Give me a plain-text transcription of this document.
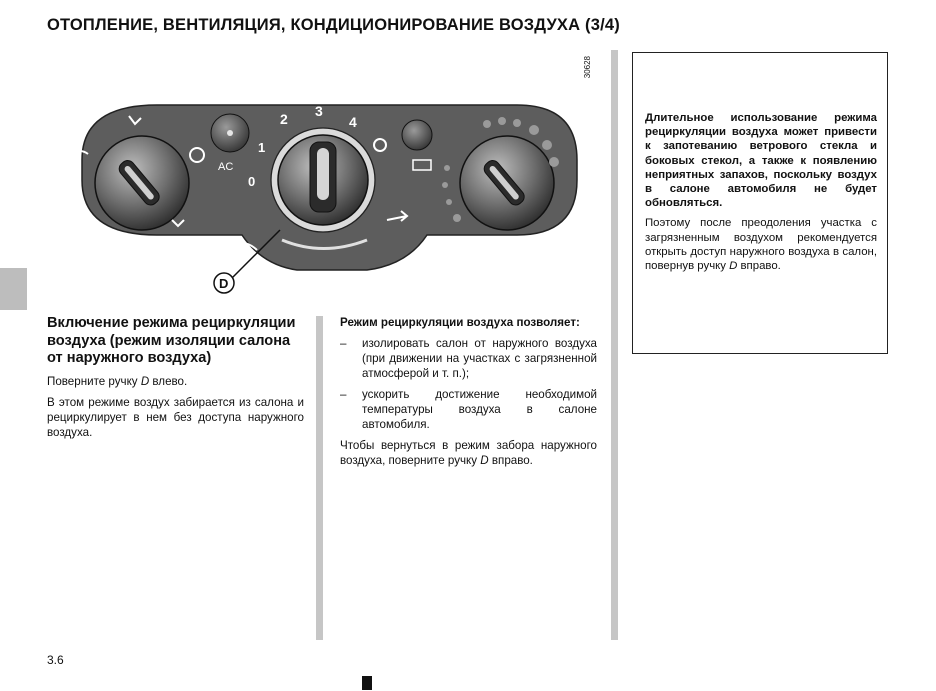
ОТОПЛЕНИЕ, ВЕНТИЛЯЦИЯ, КОНДИЦИОНИРОВАНИЕ ВОЗДУХА (3/4)
AC
0
1
2 3
4
D
30628
Включение режима рециркуляции воздуха (режим изоляции салона от наружного воздуха)

Поверните ручку D влево.

В этом режиме воздух забирается из салона и рециркулирует в нем без доступа наружного воздуха.

Режим рециркуляции воздуха позволяет:

– изолировать салон от наружного воздуха (при движении на участках с загрязненной атмосферой и т. п.);
– ускорить достижение необходимой температуры воздуха в салоне автомобиля.

Чтобы вернуться в режим забора наружного воздуха, поверните ручку D вправо.

Длительное использование режима рециркуляции воздуха может привести к запотеванию ветрового стекла и боковых стекол, а также к появлению неприятных запахов, поскольку воздух в салоне автомобиля не будет обновляться.

Поэтому после преодоления участка с загрязненным воздухом рекомендуется открыть доступ наружного воздуха в салон, повернув ручку D вправо.

3.6
